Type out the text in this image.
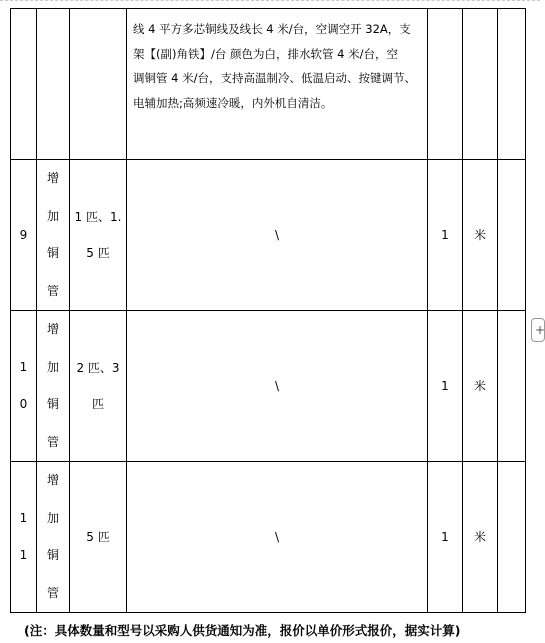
			线 4 平方多芯铜线及线长 4 米/台，空调空开 32A，支
架【(副)角铁】/台 颜色为白，排水软管 4 米/台，空
调铜管 4 米/台，支持高温制冷、低温启动、按键调节、
电辅加热;高频速冷暖，内外机自清洁。			

9	增加铜管	1 匹、1.5 匹	\	1	米	

10	增加铜管	2 匹、3 匹	\	1	米	

11	增加铜管	5 匹	\	1	米	
+
(注：具体数量和型号以采购人供货通知为准，报价以单价形式报价，据实计算)
